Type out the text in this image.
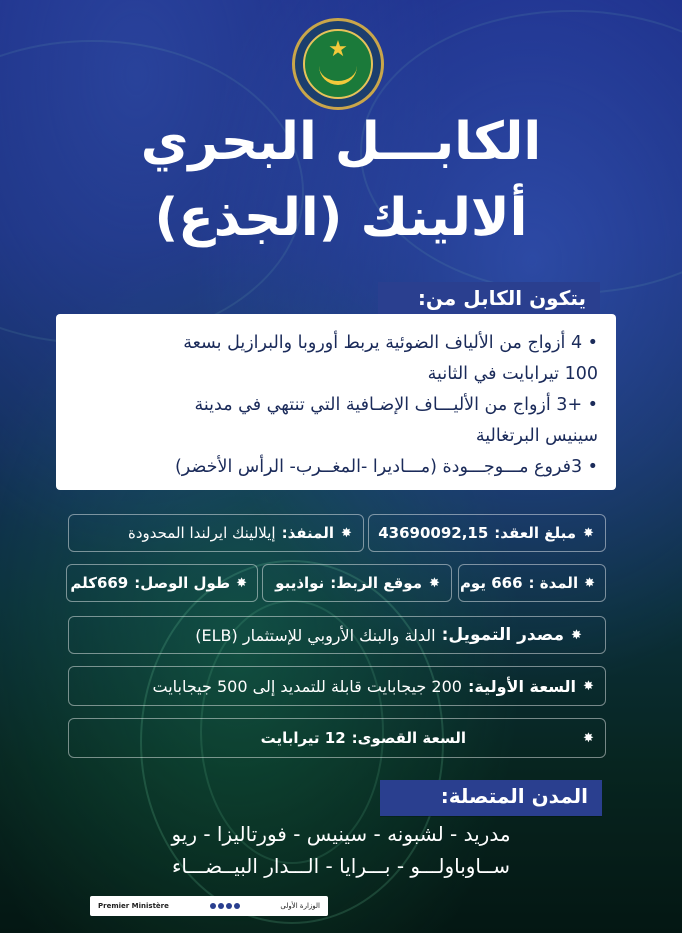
★
الكابـــل البحري
ألالينك (الجذع)
يتكون الكابل من:
• 4 أزواج من الألياف الضوئية يربط أوروبا والبرازيل بسعة
100 تيرابايت في الثانية
• +3 أزواج من الأليـــاف الإضـافية التي تنتهي في مدينة
سينيس البرتغالية
• 3فروع مـــوجـــودة (مـــاديرا -المغــرب- الرأس الأخضر)
✸
مبلغ العقد:
43690092,15
✸
المنفذ:
إيلالينك ايرلندا المحدودة
✸
المدة :
666 يوم
✸
موقع الربط:
نواذيبو
✸
طول الوصل:
669كلم
✸
مصدر التمويل:
الدلة والبنك الأروبي للإستثمار (ELB)
✸
السعة الأولية:
200 جيجابايت قابلة للتمديد إلى 500 جيجابايت
✸
السعة القصوى:
12 تيرابايت
المدن المتصلة:
مدريد - لشبونه - سينيس - فورتاليزا - ريو
ســاوباولـــو - بـــرايا - الـــدار البيــضـــاء
Premier Ministère	الوزارة الأولى
